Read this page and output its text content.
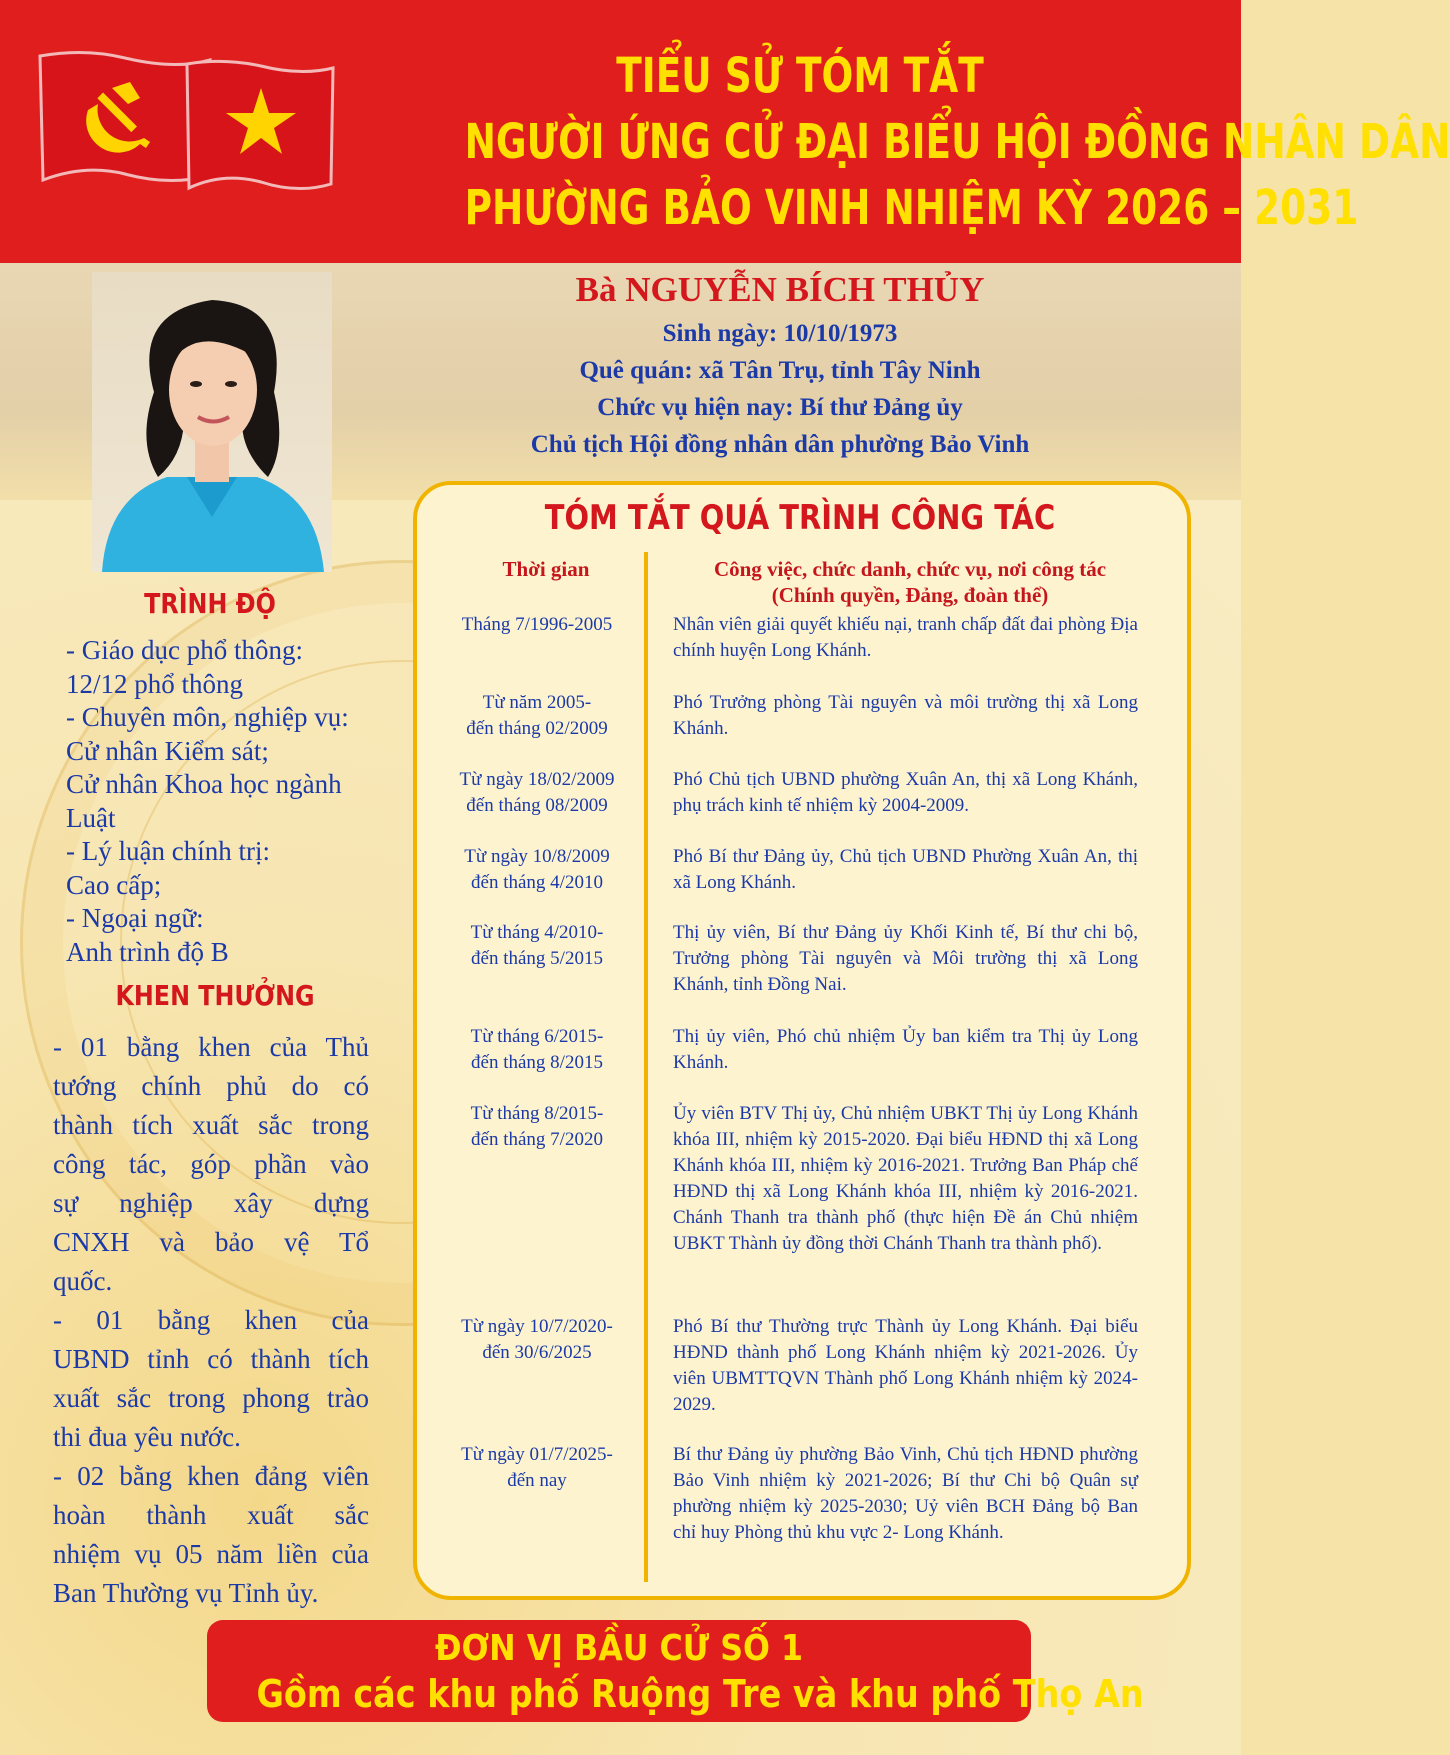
TIỂU SỬ TÓM TẮT
NGƯỜI ỨNG CỬ ĐẠI BIỂU HỘI ĐỒNG NHÂN DÂN
PHƯỜNG BẢO VINH NHIỆM KỲ 2026 – 2031
Bà NGUYỄN BÍCH THỦY
Sinh ngày: 10/10/1973
Quê quán: xã Tân Trụ, tỉnh Tây Ninh
Chức vụ hiện nay: Bí thư Đảng ủy
Chủ tịch Hội đồng nhân dân phường Bảo Vinh
TRÌNH ĐỘ

- Giáo dục phổ thông:

12/12 phổ thông

- Chuyên môn, nghiệp vụ:

Cử nhân Kiểm sát;

Cử nhân Khoa học ngành

Luật

- Lý luận chính trị:

Cao cấp;

- Ngoại ngữ:

Anh trình độ B

KHEN THƯỞNG

- 01 bằng khen của Thủ

tướng chính phủ do có

thành tích xuất sắc trong

công tác, góp phần vào

sự nghiệp xây dựng

CNXH và bảo vệ Tổ

quốc.

- 01 bằng khen của

UBND tỉnh có thành tích

xuất sắc trong phong trào

thi đua yêu nước.

- 02 bằng khen đảng viên

hoàn thành xuất sắc

nhiệm vụ 05 năm liền của

Ban Thường vụ Tỉnh ủy.

TÓM TẮT QUÁ TRÌNH CÔNG TÁC
Thời gian	Công việc, chức danh, chức vụ, nơi công tác
(Chính quyền, Đảng, đoàn thể)
Tháng 7/1996-2005	Nhân viên giải quyết khiếu nại, tranh chấp đất đai phòng Địa chính huyện Long Khánh.
Từ năm 2005-
đến tháng 02/2009
Phó Trưởng phòng Tài nguyên và môi trường thị xã Long Khánh.
Từ ngày 18/02/2009
đến tháng 08/2009
Phó Chủ tịch UBND phường Xuân An, thị xã Long Khánh, phụ trách kinh tế nhiệm kỳ 2004-2009.
Từ ngày 10/8/2009
đến tháng 4/2010
Phó Bí thư Đảng ủy, Chủ tịch UBND Phường Xuân An, thị xã Long Khánh.
Từ tháng 4/2010-
đến tháng 5/2015
Thị ủy viên, Bí thư Đảng ủy Khối Kinh tế, Bí thư chi bộ, Trưởng phòng Tài nguyên và Môi trường thị xã Long Khánh, tỉnh Đồng Nai.
Từ tháng 6/2015-
đến tháng 8/2015
Thị ủy viên, Phó chủ nhiệm Ủy ban kiểm tra Thị ủy Long Khánh.
Từ tháng 8/2015-
đến tháng 7/2020
Ủy viên BTV Thị ủy, Chủ nhiệm UBKT Thị ủy Long Khánh khóa III, nhiệm kỳ 2015-2020. Đại biểu HĐND thị xã Long Khánh khóa III, nhiệm kỳ 2016-2021. Trưởng Ban Pháp chế HĐND thị xã Long Khánh khóa III, nhiệm kỳ 2016-2021. Chánh Thanh tra thành phố (thực hiện Đề án Chủ nhiệm UBKT Thành ủy đồng thời Chánh Thanh tra thành phố).
Từ ngày 10/7/2020-
đến 30/6/2025
Phó Bí thư Thường trực Thành ủy Long Khánh. Đại biểu HĐND thành phố Long Khánh nhiệm kỳ 2021-2026. Ủy viên UBMTTQVN Thành phố Long Khánh nhiệm kỳ 2024-2029.
Từ ngày 01/7/2025-
đến nay
Bí thư Đảng ủy phường Bảo Vinh, Chủ tịch HĐND phường Bảo Vinh nhiệm kỳ 2021-2026; Bí thư Chi bộ Quân sự phường nhiệm kỳ 2025-2030; Uỷ viên BCH Đảng bộ Ban chỉ huy Phòng thủ khu vực 2- Long Khánh.
ĐƠN VỊ BẦU CỬ SỐ 1
Gồm các khu phố Ruộng Tre và khu phố Thọ An
